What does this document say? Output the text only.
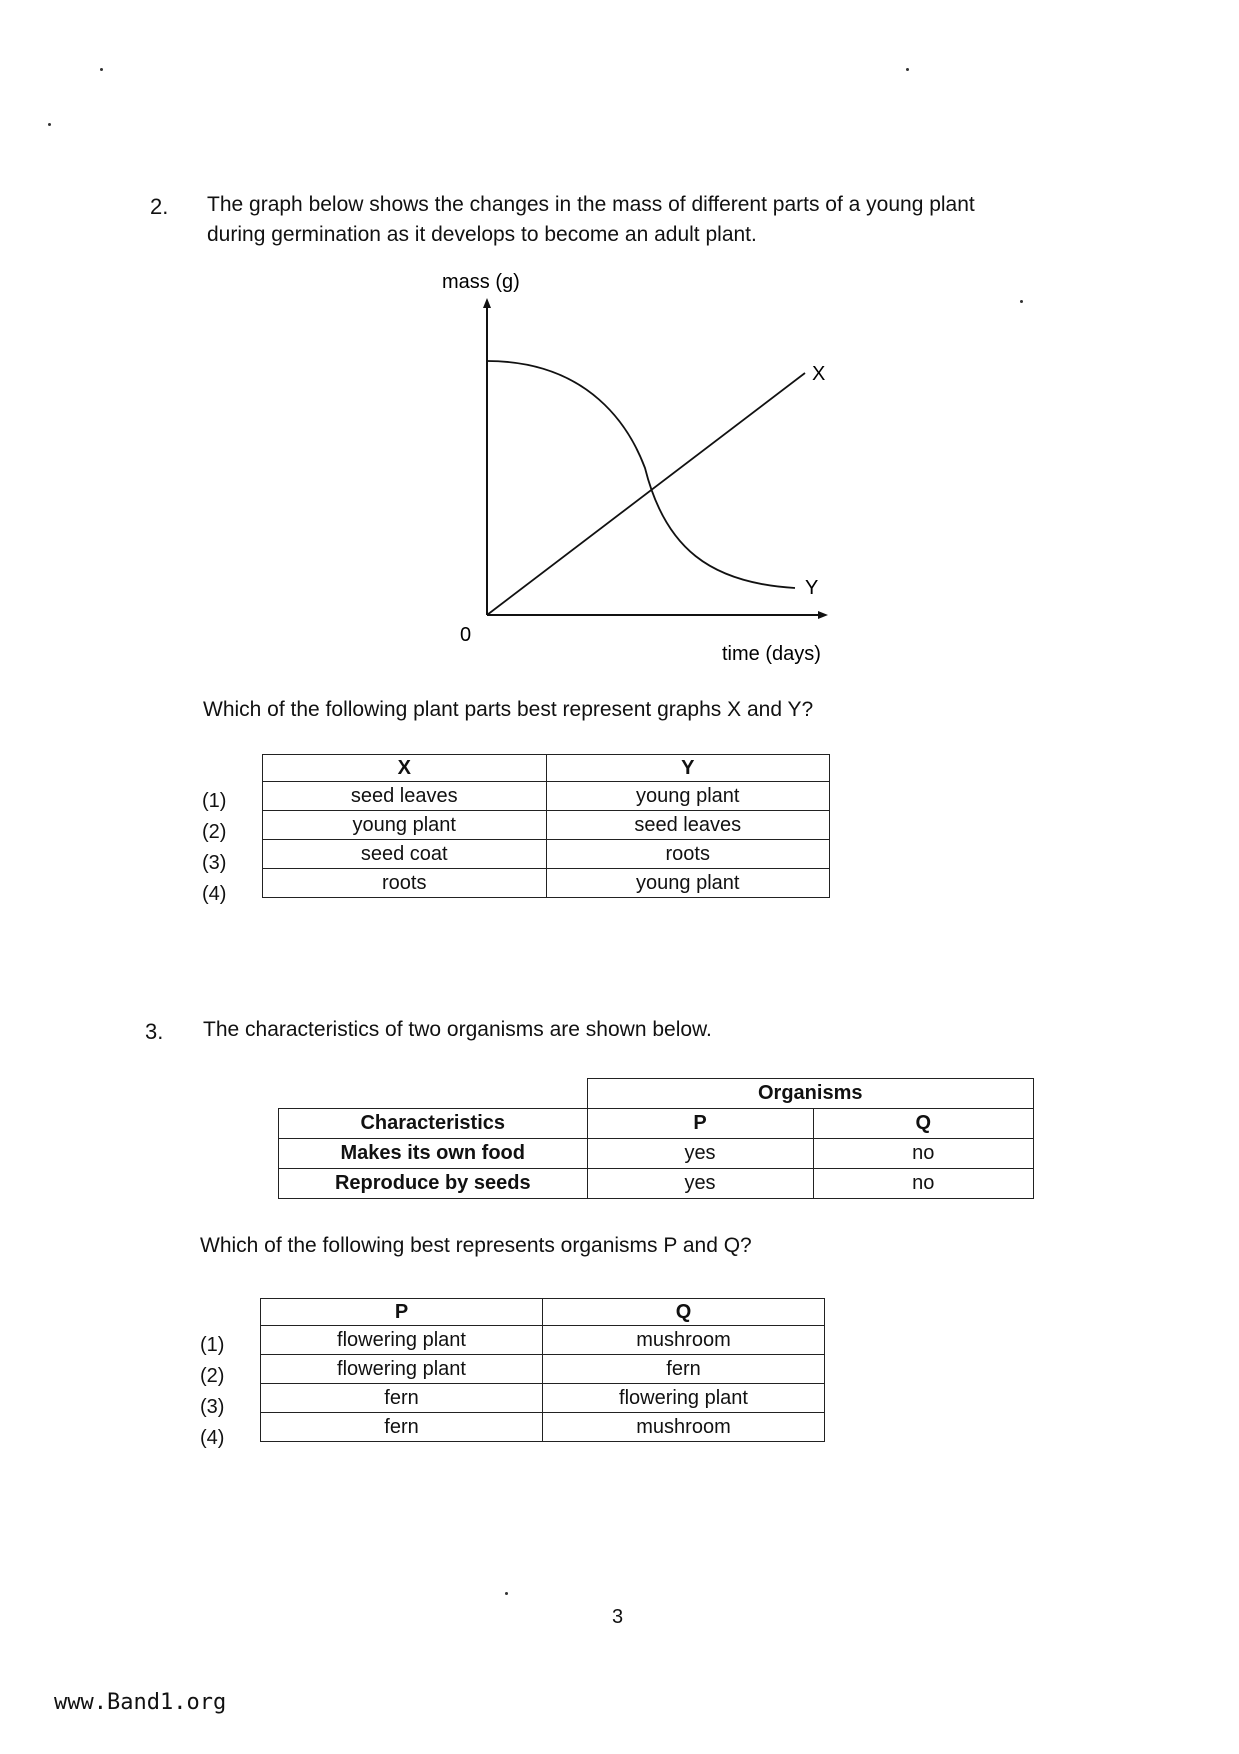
2. The graph below shows the changes in the mass of different parts of a young plant
during germination as it develops to become an adult plant.
mass (g)
0
time (days)
X
Y
Which of the following plant parts best represent graphs X and Y?
(1)
(2)
(3)
(4)
X	Y
seed leaves	young plant
young plant	seed leaves
seed coat	roots
roots	young plant
3. The characteristics of two organisms are shown below.
	Organisms	
Characteristics	P	Q
Makes its own food	yes	no
Reproduce by seeds	yes	no
Which of the following best represents organisms P and Q?
(1)
(2)
(3)
(4)
P	Q
flowering plant	mushroom
flowering plant	fern
fern	flowering plant
fern	mushroom
3
www.Band1.org
